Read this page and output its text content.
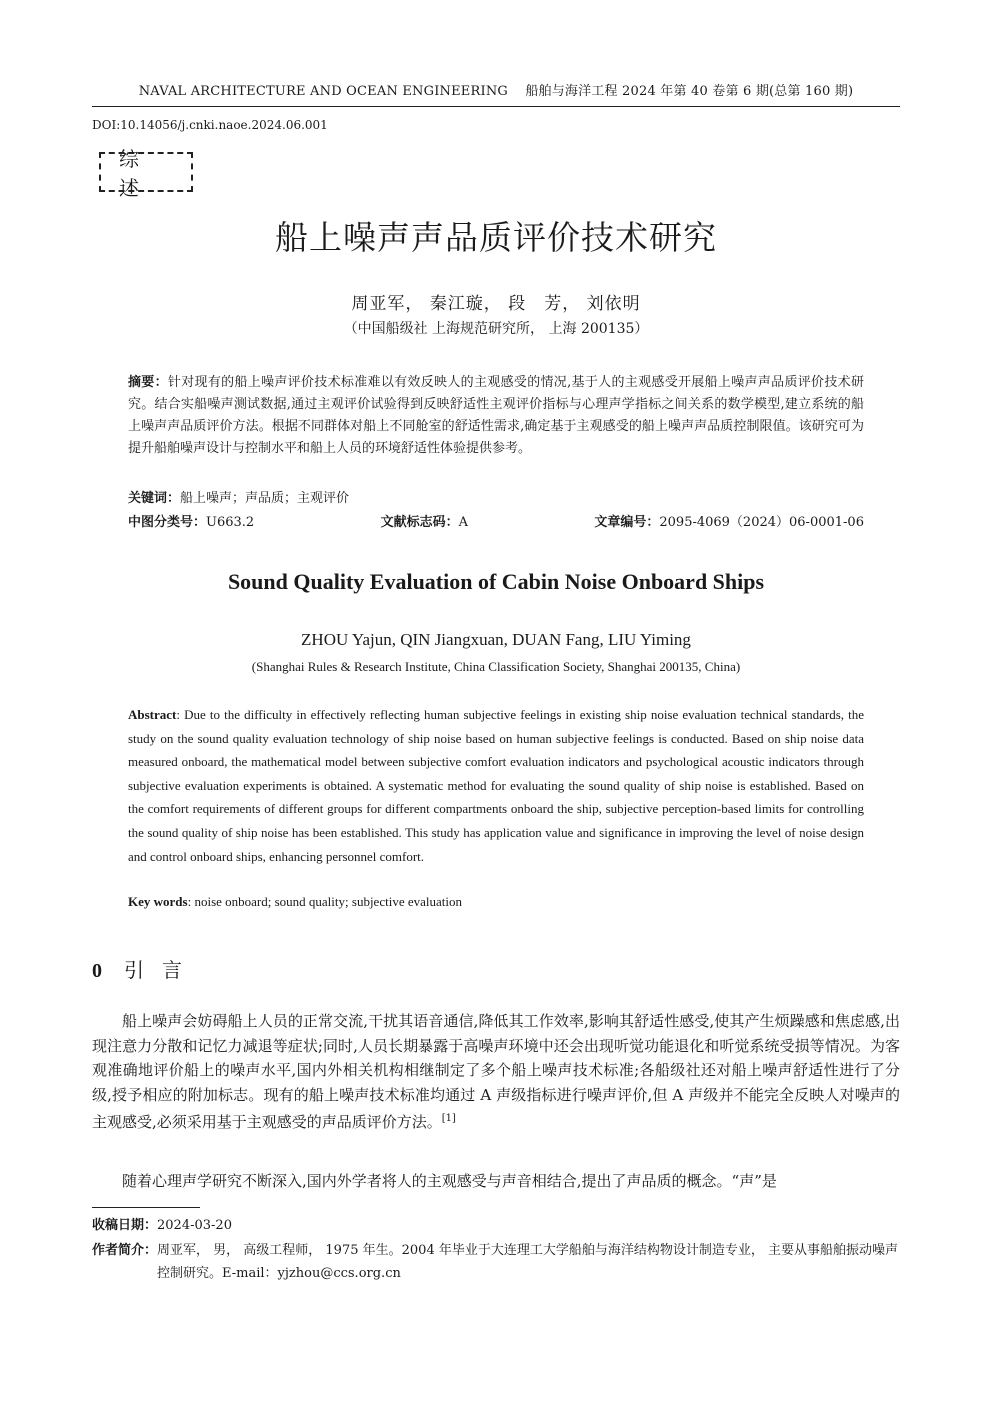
NAVAL ARCHITECTURE AND OCEAN ENGINEERING 船舶与海洋工程 2024 年第 40 卷第 6 期(总第 160 期)
DOI:10.14056/j.cnki.naoe.2024.06.001
综述
船上噪声声品质评价技术研究
周亚军， 秦江璇， 段　芳， 刘依明
（中国船级社 上海规范研究所， 上海 200135）
摘要：针对现有的船上噪声评价技术标准难以有效反映人的主观感受的情况,基于人的主观感受开展船上噪声声品质评价技术研究。结合实船噪声测试数据,通过主观评价试验得到反映舒适性主观评价指标与心理声学指标之间关系的数学模型,建立系统的船上噪声声品质评价方法。根据不同群体对船上不同舱室的舒适性需求,确定基于主观感受的船上噪声声品质控制限值。该研究可为提升船舶噪声设计与控制水平和船上人员的环境舒适性体验提供参考。
关键词：船上噪声；声品质；主观评价
中图分类号：U663.2	文献标志码：A	文章编号：2095-4069（2024）06-0001-06
Sound Quality Evaluation of Cabin Noise Onboard Ships
ZHOU Yajun, QIN Jiangxuan, DUAN Fang, LIU Yiming
(Shanghai Rules & Research Institute, China Classification Society, Shanghai 200135, China)
Abstract: Due to the difficulty in effectively reflecting human subjective feelings in existing ship noise evaluation technical standards, the study on the sound quality evaluation technology of ship noise based on human subjective feelings is conducted. Based on ship noise data measured onboard, the mathematical model between subjective comfort evaluation indicators and psychological acoustic indicators through subjective evaluation experiments is obtained. A systematic method for evaluating the sound quality of ship noise is established. Based on the comfort requirements of different groups for different compartments onboard the ship, subjective perception-based limits for controlling the sound quality of ship noise has been established. This study has application value and significance in improving the level of noise design and control onboard ships, enhancing personnel comfort.
Key words: noise onboard; sound quality; subjective evaluation
0 引言
船上噪声会妨碍船上人员的正常交流,干扰其语音通信,降低其工作效率,影响其舒适性感受,使其产生烦躁感和焦虑感,出现注意力分散和记忆力减退等症状;同时,人员长期暴露于高噪声环境中还会出现听觉功能退化和听觉系统受损等情况。为客观准确地评价船上的噪声水平,国内外相关机构相继制定了多个船上噪声技术标准;各船级社还对船上噪声舒适性进行了分级,授予相应的附加标志。现有的船上噪声技术标准均通过 A 声级指标进行噪声评价,但 A 声级并不能完全反映人对噪声的主观感受,必须采用基于主观感受的声品质评价方法。[1]
随着心理声学研究不断深入,国内外学者将人的主观感受与声音相结合,提出了声品质的概念。“声”是
收稿日期：2024-03-20
作者简介： 周亚军， 男， 高级工程师， 1975 年生。2004 年毕业于大连理工大学船舶与海洋结构物设计制造专业， 主要从事船舶振动噪声控制研究。E-mail：yjzhou@ccs.org.cn
